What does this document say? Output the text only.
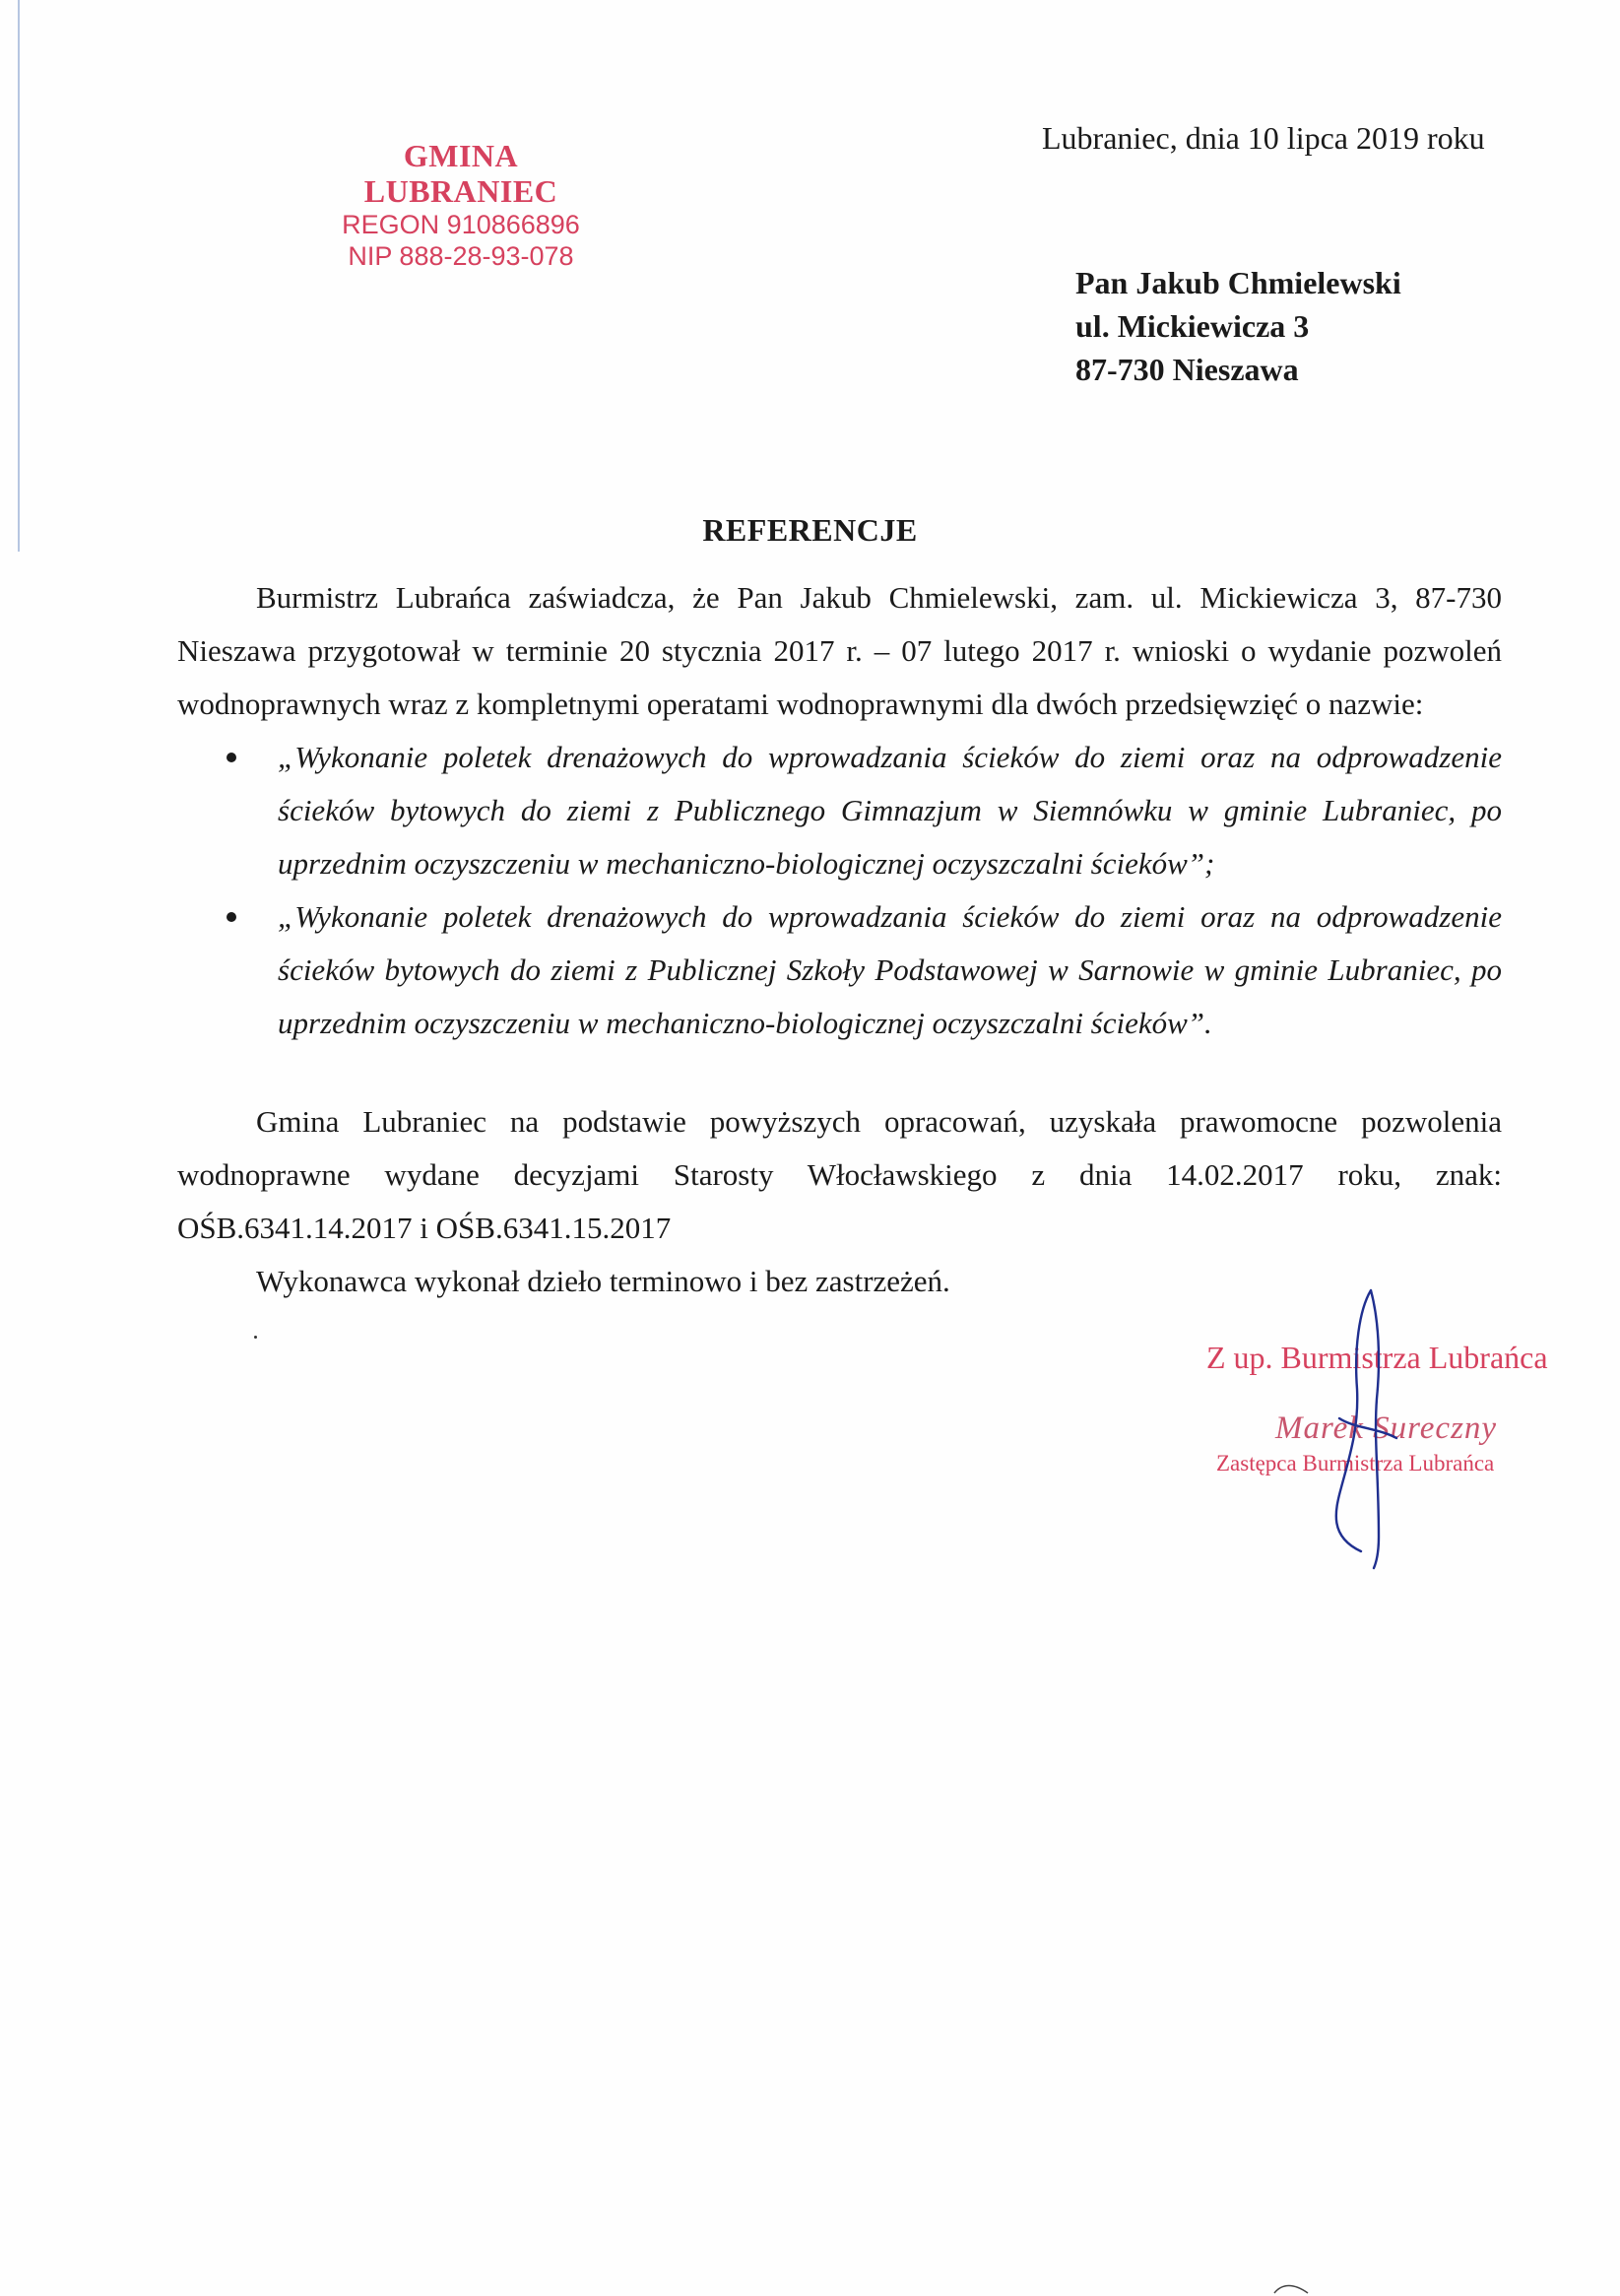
GMINA LUBRANIEC
REGON 910866896
NIP 888-28-93-078
Lubraniec, dnia 10 lipca 2019 roku
Pan Jakub Chmielewski
ul. Mickiewicza 3
87-730 Nieszawa
REFERENCJE
Burmistrz Lubrańca zaświadcza, że Pan Jakub Chmielewski, zam. ul. Mickiewicza 3, 87-730 Nieszawa przygotował w terminie 20 stycznia 2017 r. – 07 lutego 2017 r. wnioski o wydanie pozwoleń wodnoprawnych wraz z kompletnymi operatami wodnoprawnymi dla dwóch przedsięwzięć o nazwie:
„Wykonanie poletek drenażowych do wprowadzania ścieków do ziemi oraz na odprowadzenie ścieków bytowych do ziemi z Publicznego Gimnazjum w Siemnówku w gminie Lubraniec, po uprzednim oczyszczeniu w mechaniczno-biologicznej oczyszczalni ścieków”;
„Wykonanie poletek drenażowych do wprowadzania ścieków do ziemi oraz na odprowadzenie ścieków bytowych do ziemi z Publicznej Szkoły Podstawowej w Sarnowie w gminie Lubraniec, po uprzednim oczyszczeniu w mechaniczno-biologicznej oczyszczalni ścieków”.
Gmina Lubraniec na podstawie powyższych opracowań, uzyskała prawomocne pozwolenia wodnoprawne wydane decyzjami Starosty Włocławskiego z dnia 14.02.2017 roku, znak: OŚB.6341.14.2017 i OŚB.6341.15.2017
Wykonawca wykonał dzieło terminowo i bez zastrzeżeń.
Z up. Burmistrza Lubrańca
Marek Sureczny
Zastępca Burmistrza Lubrańca
